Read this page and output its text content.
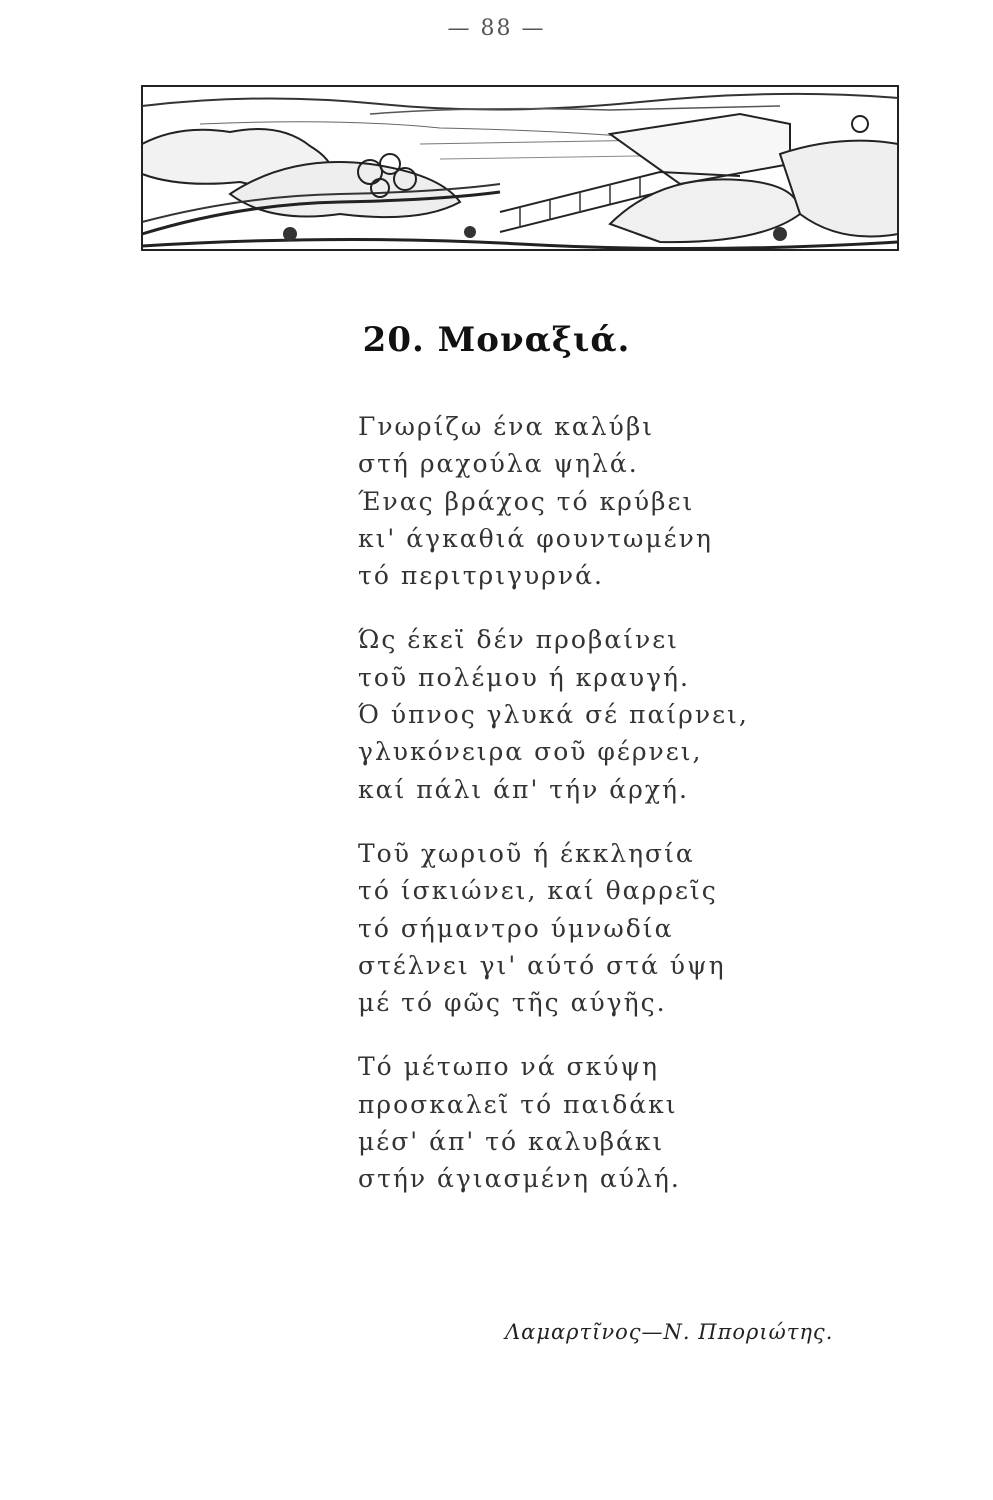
— 88 —
20. Μοναξιά.
Γνωρίζω ένα καλύβι
στή ραχούλα ψηλά.
Ένας βράχος τό κρύβει
κι' άγκαθιά φουντωμένη
τό περιτριγυρνά.
Ώς έκεϊ δέν προβαίνει
τοῦ πολέμου ή κραυγή.
Ό ύπνος γλυκά σέ παίρνει,
γλυκόνειρα σοῦ φέρνει,
καί πάλι άπ' τήν άρχή.
Τοῦ χωριοῦ ή έκκλησία
τό ίσκιώνει, καί θαρρεῖς
τό σήμαντρο ύμνωδία
στέλνει γι' αύτό στά ύψη
μέ τό φῶς τῆς αύγῆς.
Τό μέτωπο νά σκύψη
προσκαλεῖ τό παιδάκι
μέσ' άπ' τό καλυβάκι
στήν άγιασμένη αύλή.
Λαμαρτῖνος—Ν. Πποριώτης.
